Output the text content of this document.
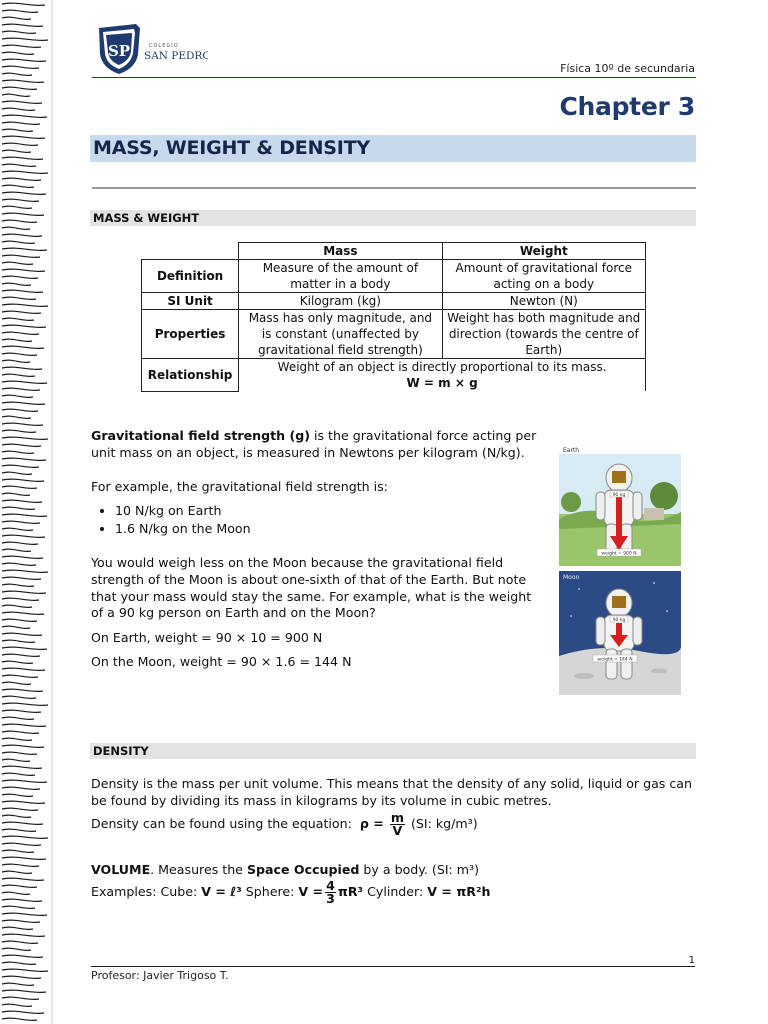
SP	COLEGIO
SAN PEDRO
Física 10º de secundaria
Chapter 3
MASS, WEIGHT & DENSITY
MASS & WEIGHT
	Mass	Weight
Definition	Measure of the amount of matter in a body	Amount of gravitational force acting on a body
SI Unit	Kilogram (kg)	Newton (N)
Properties	Mass has only magnitude, and is constant (unaffected by gravitational field strength)	Weight has both magnitude and direction (towards the centre of Earth)
Relationship	Weight of an object is directly proportional to its mass.
W = m × g	
Gravitational field strength (g) is the gravitational force acting per unit mass on an object, is measured in Newtons per kilogram (N/kg).
For example, the gravitational field strength is:
• 10 N/kg on Earth
• 1.6 N/kg on the Moon
You would weigh less on the Moon because the gravitational field strength of the Moon is about one-sixth of that of the Earth. But note that your mass would stay the same. For example, what is the weight of a 90 kg person on Earth and on the Moon?
On Earth, weight = 90 × 10 = 900 N
On the Moon, weight = 90 × 1.6 = 144 N
90 kg
weight = 900 N
Earth
90 kg
weight = 144 N
Moon
DENSITY
Density is the mass per unit volume. This means that the density of any solid, liquid or gas can be found by dividing its mass in kilograms by its volume in cubic metres.
Density can be found using the equation: $\rho = \frac{m}{V} (SI$: kg/m³)
VOLUME. Measures the Space Occupied by a body. (SI: m³)
Examples: Cube: V = ℓ³ Sphere: $V = \frac{4}{3} \pi R^3$ Cylinder: V = πR²h
1
Profesor: Javier Trigoso T.
